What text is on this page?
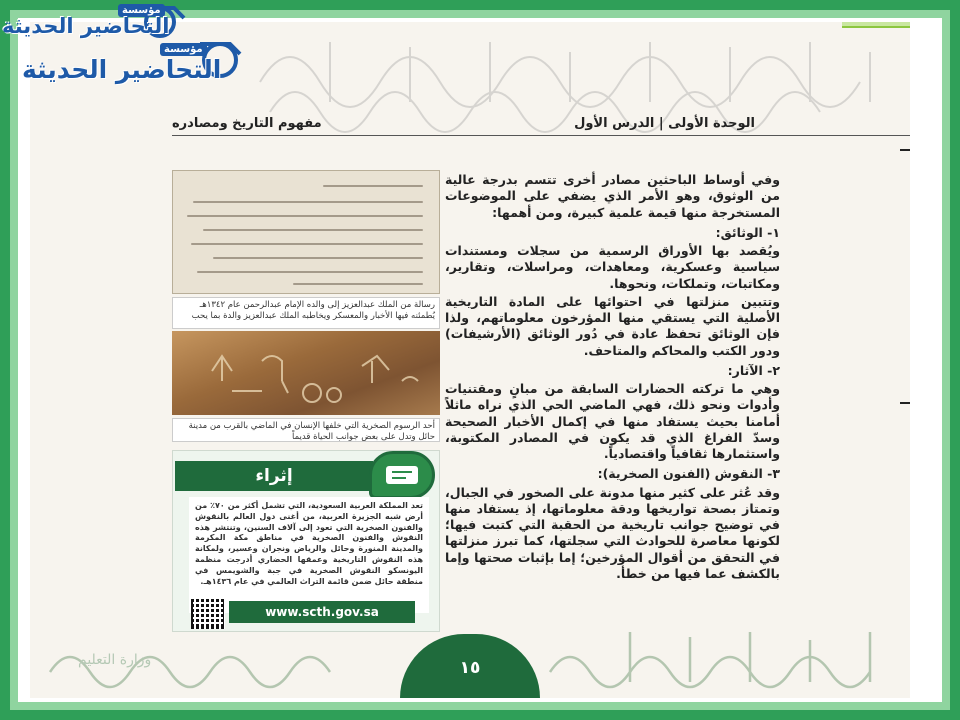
الوحدة الأولى | الدرس الأول
مفهوم التاريخ ومصادره

وفي أوساط الباحثين مصادر أخرى تتسم بدرجة عالية من الوثوق، وهو الأمر الذي يضفي على الموضوعات المستخرجة منها قيمة علمية كبيرة، ومن أهمها:

١- الوثائق:

ويُقصد بها الأوراق الرسمية من سجلات ومستندات سياسية وعسكرية، ومعاهدات، ومراسلات، وتقارير، ومكاتبات، وتملكات، ونحوها.

وتتبين منزلتها في احتوائها على المادة التاريخية الأصلية التي يستقي منها المؤرخون معلوماتهم، ولذا فإن الوثائق تحفظ عادة في دُور الوثائق (الأرشيفات) ودور الكتب والمحاكم والمتاحف.

٢- الآثار:

وهي ما تركته الحضارات السابقة من مبانٍ ومقتنيات وأدوات ونحو ذلك، فهي الماضي الحي الذي نراه ماثلاً أمامنا بحيث يستفاد منها في إكمال الأخبار الصحيحة وسدّ الفراغ الذي قد يكون في المصادر المكتوبة، واستثمارها ثقافياً واقتصادياً.

٣- النقوش (الفنون الصخرية):

وقد عُثر على كثير منها مدونة على الصخور في الجبال، وتمتاز بصحة تواريخها ودقة معلوماتها، إذ يستفاد منها في توضيح جوانب تاريخية من الحقبة التي كتبت فيها؛ لكونها معاصرة للحوادث التي سجلتها، كما تبرز منزلتها في التحقق من أقوال المؤرخين؛ إما بإثبات صحتها وإما بالكشف عما فيها من خطأ.

رسالة من الملك عبدالعزيز إلى والده الإمام عبدالرحمن عام ١٣٤٢هـ يُطمئنه فيها الأخبار والمعسكر ويخاطبه الملك عبدالعزيز والدة بما يحب
أحد الرسوم الصخرية التي خلفها الإنسان في الماضي بالقرب من مدينة حائل وتدل على بعض جوانب الحياة قديماً
إثراء
تعد المملكة العربية السعودية، التي تشمل أكثر من ٧٠٪ من أرض شبه الجزيرة العربية، من أغنى دول العالم بالنقوش والفنون الصخرية التي تعود إلى آلاف السنين، وتنتشر هذه النقوش والفنون الصخرية في مناطق مكة المكرمة والمدينة المنورة وحائل والرياض ونجران وعسير، ولمكانة هذه النقوش التاريخية وعمقها الحضاري أدرجت منظمة اليونسكو النقوش الصخرية في جبة والشويمس في منطقة حائل ضمن قائمة التراث العالمي في عام ١٤٣٦هـ.
www.scth.gov.sa
وزارة التعليم	١٥
مؤسسة
التحاضير الحديثة
مؤسسة
التحاضير الحديثة
